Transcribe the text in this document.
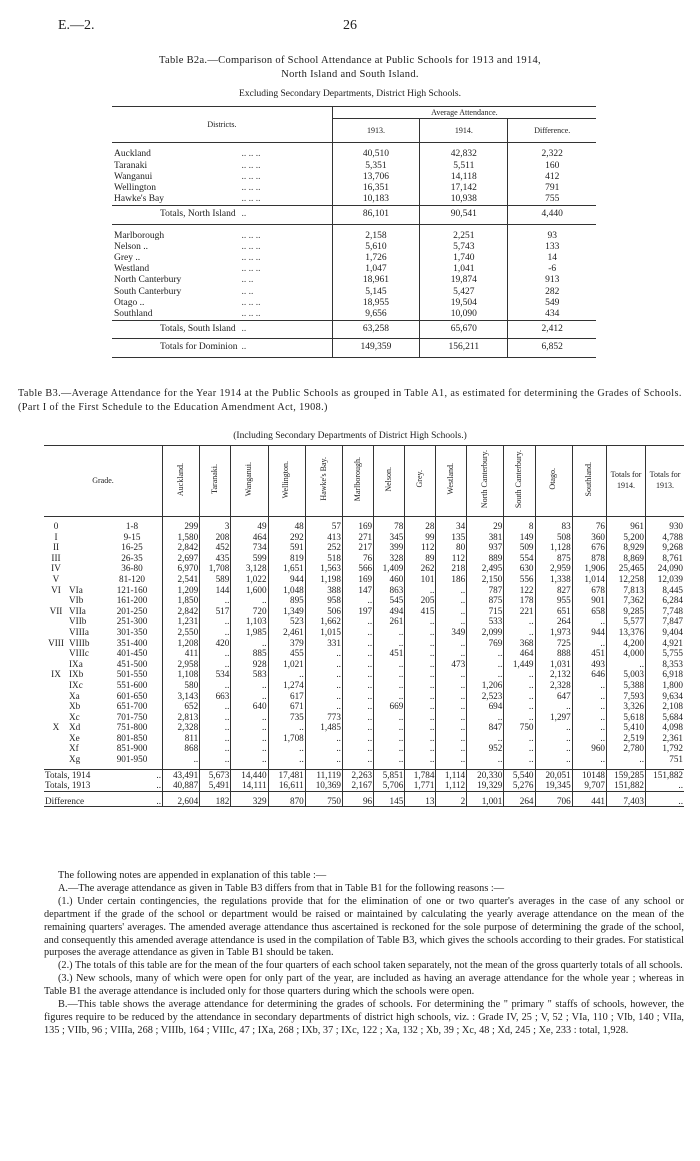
E.—2.	26
Table B2a.—Comparison of School Attendance at Public Schools for 1913 and 1914,
North Island and South Island.
Excluding Secondary Departments, District High Schools.
Districts.		Average Attendance.		
		1913.	1914.	Difference.

Auckland	.. .. ..	40,510	42,832	2,322
Taranaki	.. .. ..	5,351	5,511	160
Wanganui	.. .. ..	13,706	14,118	412
Wellington	.. .. ..	16,351	17,142	791
Hawke's Bay	.. .. ..	10,183	10,938	755
Totals, North Island	..	86,101	90,541	4,440

Marlborough	.. .. ..	2,158	2,251	93
Nelson ..	.. .. ..	5,610	5,743	133
Grey ..	.. .. ..	1,726	1,740	14
Westland	.. .. ..	1,047	1,041	-6
North Canterbury	.. ..	18,961	19,874	913
South Canterbury	.. ..	5,145	5,427	282
Otago ..	.. .. ..	18,955	19,504	549
Southland	.. .. ..	9,656	10,090	434
Totals, South Island	..	63,258	65,670	2,412
Totals for Dominion	..	149,359	156,211	6,852
Table B3.—Average Attendance for the Year 1914 at the Public Schools as grouped in Table A1, as estimated for determining the Grades of Schools. (Part I of the First Schedule to the Education Amendment Act, 1908.)
(Including Secondary Departments of District High Schools.)
Grade.			Auckland.	Taranaki.	Wanganui.	Wellington.	Hawke's Bay.	Marlborough.	Nelson.	Grey.	Westland.	North Canterbury.	South Canterbury.	Otago.	Southland.	Totals for 1914.	Totals for 1913.

0		1-8	299	3	49	48	57	169	78	28	34	29	8	83	76	961	930
I		9-15	1,580	208	464	292	413	271	345	99	135	381	149	508	360	5,200	4,788
II		16-25	2,842	452	734	591	252	217	399	112	80	937	509	1,128	676	8,929	9,268
III		26-35	2,697	435	599	819	518	76	328	89	112	889	554	875	878	8,869	8,761
IV		36-80	6,970	1,708	3,128	1,651	1,563	566	1,409	262	218	2,495	630	2,959	1,906	25,465	24,090
V		81-120	2,541	589	1,022	944	1,198	169	460	101	186	2,150	556	1,338	1,014	12,258	12,039
VI	VIa	121-160	1,209	144	1,600	1,048	388	147	863	..	..	787	122	827	678	7,813	8,445
	VIb	161-200	1,850	..	..	895	958	..	545	205	..	875	178	955	901	7,362	6,284
VII	VIIa	201-250	2,842	517	720	1,349	506	197	494	415	..	715	221	651	658	9,285	7,748
	VIIb	251-300	1,231	..	1,103	523	1,662	..	261	..	..	533	..	264	..	5,577	7,847
	VIIIa	301-350	2,550	..	1,985	2,461	1,015	..	..	..	349	2,099	..	1,973	944	13,376	9,404
VIII	VIIIb	351-400	1,208	420	..	379	331	..	..	..	..	769	368	725	..	4,200	4,921
	VIIIc	401-450	411	..	885	455	..	..	451	..	..	..	464	888	451	4,000	5,755
	IXa	451-500	2,958	..	928	1,021	..	..	..	..	473	..	1,449	1,031	493	..	8,353
IX	IXb	501-550	1,108	534	583	..	..	..	..	..	..	..	..	2,132	646	5,003	6,918
	IXc	551-600	580	..	..	1,274	..	..	..	..	..	1,206	..	2,328	..	5,388	1,800
	Xa	601-650	3,143	663	..	617	..	..	..	..	..	2,523	..	647	..	7,593	9,634
	Xb	651-700	652	..	640	671	..	..	669	..	..	694	..	..	..	3,326	2,108
	Xc	701-750	2,813	..	..	735	773	..	..	..	..	..	..	1,297	..	5,618	5,684
X	Xd	751-800	2,328	..	..	..	1,485	..	..	..	..	847	750	..	..	5,410	4,098
	Xe	801-850	811	..	..	1,708	..	..	..	..	..	..	..	..	..	2,519	2,361
	Xf	851-900	868	..	..	..	..	..	..	..	..	952	..	..	960	2,780	1,792
	Xg	901-950	..	..	..	..	..	..	..	..	..	..	..	..	..	..	751

Totals, 1914		..	43,491	5,673	14,440	17,481	11,119	2,263	5,851	1,784	1,114	20,330	5,540	20,051	10148	159,285	151,882
Totals, 1913		..	40,887	5,491	14,111	16,611	10,369	2,167	5,706	1,771	1,112	19,329	5,276	19,345	9,707	151,882	..

Difference		..	2,604	182	329	870	750	96	145	13	2	1,001	264	706	441	7,403	..

The following notes are appended in explanation of this table :—

A.—The average attendance as given in Table B3 differs from that in Table B1 for the following reasons :—

(1.) Under certain contingencies, the regulations provide that for the elimination of one or two quarter's averages in the case of any school or department if the grade of the school or department would be raised or maintained by calculating the yearly average attendance on the mean of the remaining quarters' averages. The amended average attendance thus ascertained is reckoned for the sole purpose of determining the grade of the school, and consequently this amended average attendance is used in the compilation of Table B3, which gives the schools according to their grades. For statistical purposes the average attendance as given in Table B1 should be taken.

(2.) The totals of this table are for the mean of the four quarters of each school taken separately, not the mean of the gross quarterly totals of all schools.

(3.) New schools, many of which were open for only part of the year, are included as having an average attendance for the whole year ; whereas in Table B1 the average attendance is included only for those quarters during which the schools were open.

B.—This table shows the average attendance for determining the grades of schools. For determining the " primary " staffs of schools, however, the figures require to be reduced by the attendance in secondary departments of district high schools, viz. : Grade IV, 25 ; V, 52 ; VIa, 110 ; VIb, 140 ; VIIa, 135 ; VIIb, 96 ; VIIIa, 268 ; VIIIb, 164 ; VIIIc, 47 ; IXa, 268 ; IXb, 37 ; IXc, 122 ; Xa, 132 ; Xb, 39 ; Xc, 48 ; Xd, 245 ; Xe, 233 : total, 1,928.
